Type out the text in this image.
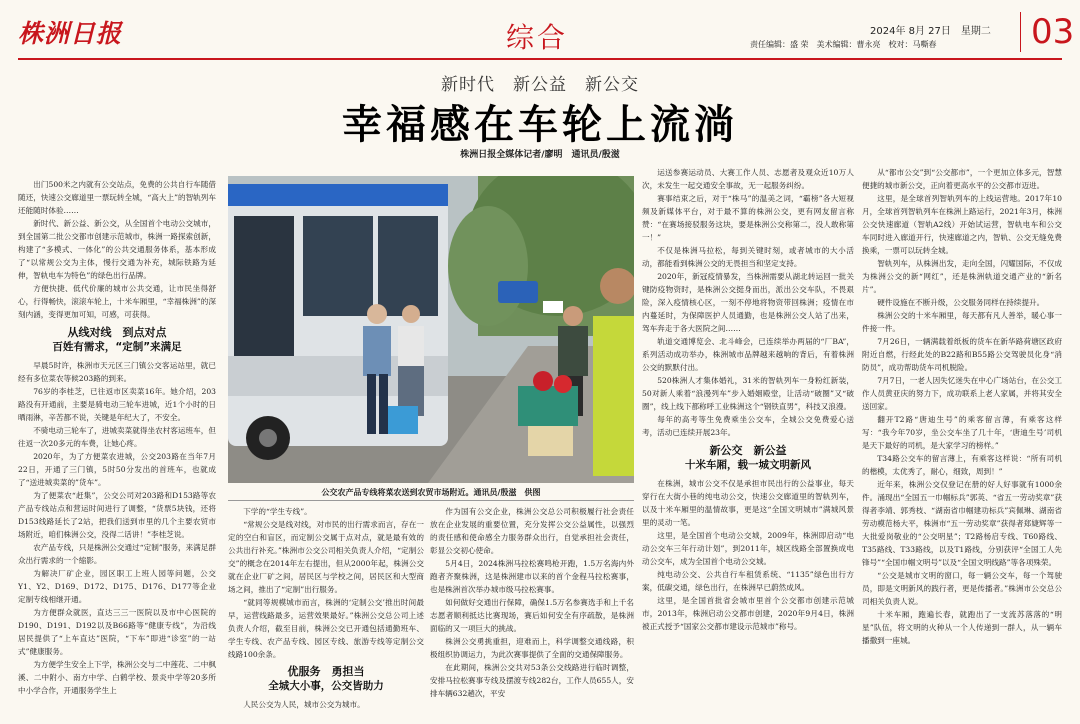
株洲日报	综合	2024年 8月 27日　星期二
责任编辑：盛 荣　美术编辑：曹永亮　校对：马嘶春	03
新时代　新公益　新公交
幸福感在车轮上流淌
株洲日报全媒体记者/廖明　通讯员/殷滋

出门500米之内就有公交站点，免费的公共自行车随借随还，快速公交廊道里一票玩转全城，“高大上”的智轨列车还能随时体验……

新时代、新公益、新公交，从全国首个电动公交城市，到全国第二批公交都市创建示范城市，株洲一路探索创新，构建了“多模式、一体化”的公共交通服务体系，基本形成了“以常规公交为主体，慢行交通为补充，城际铁路为延伸，智轨电车为特色”的绿色出行品牌。

方便快捷、低代价廉的城市公共交通，让市民坐得舒心，行得畅快，滚滚车轮上，十米车厢里，“幸福株洲”的深刻内涵，变得更加可知，可感，可获得。

从线对线　到点对点

百姓有需求，“定制”来满足

早晨5时许，株洲市天元区三门镇公交客运站里，就已经有多位菜农等候203路的到来。

76岁的李桂芝，已往返市区卖菜16年。她介绍，203路没有开通前，主要是骑电动三轮车进城，近1个小时的日晒雨淋，辛苦都不说，关键是年纪大了，不安全。

不骑电动三轮车了，进城卖菜就得坐农村客运班车，但往返一次20多元的车费，让她心疼。

2020年，为了方便菜农进城，公交203路在当年7月22日，开通了三门镇，5时50分发出的首班车，也就成了“送进城卖菜的”货车”。

为了便菜农“赶集”，公交公司对203路和D153路等农产品专线站点和营运时间进行了调整，“货票5块钱，还将D153线路延长了2站，把我们送到市里的几个主要农贸市场附近，咱们株洲公交，没得二话讲！”李桂芝说。

农产品专线，只是株洲公交通过“定制”服务，来满足群众出行需求的一个缩影。

为解决厂矿企业，园区职工上班人园等问题，公交Y1、Y2、D169、D172、D175、D176、D177等企业定制专线相继开通。

为方便群众就医，直达三三一医院以及市中心医院的D190、D191、D192以及B66路等“健康专线”，为沿线居民提供了“上车直达”医院，“下车”即进“诊室”的一站式”健康服务。

为方便学生安全上下学，株洲公交与二中莲花、二中枫溪、二中附小、南方中学、白鹤学校、景炎中学等20多所中小学合作，开通服务学生上

公交农产品专线将菜农送到农贸市场附近。通讯员/殷滋　供图

下学的“学生专线”。

“常规公交是线对线，对市民的出行需求而言，存在一定的空白和盲区，而定制公交属于点对点，就是最有效的公共出行补充。”株洲市公交公司相关负责人介绍，“定制公交”的概念在2014年左右提出，但从2000年起，株洲公交就在企业厂矿之间，居民区与学校之间，居民区和大型商场之间，推出了“定制”出行服务。

“就同等规模城市而言，株洲的‘定制公交’推出时间最早，运营线路最多，运营效果最好。”株洲公交总公司上述负责人介绍，截至目前，株洲公交已开通包括通勤班车、学生专线、农产品专线、园区专线、旅游专线等定制公交线路100余条。

优服务　勇担当

全城大小事，公交皆助力

人民公交为人民，城市公交为城市。

作为国有公交企业，株洲公交总公司积极履行社会责任放在企业发展的重要位置，充分发挥公交公益属性，以强烈的责任感和使命感全力服务群众出行，自觉承担社会责任，彰显公交初心使命。

5月4日，2024株洲马拉松赛鸣枪开跑，1.5万名海内外跑者齐聚株洲，这是株洲建市以来的首个金程马拉松赛事，也是株洲首次举办城市级马拉松赛事。

如何做好交通出行保障，确保1.5万名参赛选手和上千名志愿者顺利抵达比赛现场，赛后如何安全有序疏散，是株洲面临的又一项巨大的挑战。

株洲公交勇挑重担，迎难而上，科学调整交通线路，积极组织协调运力，为此次赛事提供了全面的交通保障服务。

在此期间，株洲公交共对53条公交线路进行临时调整，安排马拉松赛事专线及摆渡专线282台，工作人员655人，安排车辆632趟次，平安

运送参赛运动员、大赛工作人员、志愿者及观众近10万人次，未发生一起交通安全事故，无一起服务纠纷。

赛事结束之后，对于“株马”的温美之词，“霸榜”各大短视频及新媒体平台，对于最不算的株洲公交，更有网友留言称赞：“在赛场接驳服务这块，要是株洲公交称第二，没人敢称第一！”

不仅是株洲马拉松，每到关键时刻，或者城市的大小活动，都能看到株洲公交的无畏担当和坚定支持。

2020年，新冠疫情暴发，当株洲需要从湖北转运回一批关键防疫物资时，是株洲公交挺身而出，派出公交车队，不畏艰险，深入疫情核心区，一刻不停地将物资带回株洲；疫情在市内蔓延时，为保障医护人员通勤，也是株洲公交人站了出来，驾车奔走于各大医院之间……

轨道交通博览会、北斗峰会，已连续举办两届的“厂BA”，系列活动成功举办，株洲城市品牌越来越响的背后，有着株洲公交的默默付出。

520株洲人才集体婚礼，31米的智轨列车一身粉红新装，50对新人乘着“浪漫列车”步入婚姻殿堂，让活动“破圈”又“破圈”，线上线下都称呼工业株洲这个“钢铁直男”，科技又浪漫。

每年的高考等生免费乘坐公交车，全城公交免费爱心送考，活动已连续开展23年。

新公交　新公益

十米车厢，载一城文明新风

在株洲，城市公交不仅是承担市民出行的公益事业，每天穿行在大街小巷的纯电动公交，快速公交廊道里的智轨列车，以及十米车厢里的温情故事，更是这“全国文明城市”满城风景里的灵动一笔。

这里，是全国首个电动公交城，2009年，株洲即启动“电动公交车三年行动计划”，到2011年，城区线路全部置换成电动公交车，成为全国首个电动公交城。

纯电动公交、公共自行车租赁系统、“1135”绿色出行方案，低碳交通，绿色出行，在株洲早已蔚然成风。

这里，是全国首批省会城市里首个公交都市创建示范城市，2013年，株洲启动公交都市创建，2020年9月4日，株洲被正式授予“国家公交都市建设示范城市”称号。

从“都市公交”到“公交都市”，一个更加立体多元，智慧便捷的城市新公交，正向着更高水平的公交都市迈进。

这里，是全球首列智轨列车的上线运营地。2017年10月，全球首列智轨列车在株洲上路运行，2021年3月，株洲公交快速廊道（智轨A2线）开始试运营，智轨电车和公交车同时进入廊道开行，快速廊道之内，智轨、公交无缝免费换乘，一票可以玩转全城。

智轨列车，从株洲出发，走向全国，闪耀国际，不仅成为株洲公交的新“网红”，还是株洲轨道交通产业的“新名片”。

硬件设施在不断升级，公交服务同样在持续提升。

株洲公交的十米车厢里，每天都有凡人善举，暖心事一件接一件。

7月26日，一辆满载着纸板的货车在新华路荷塘区政府附近自燃，行经此处的B22路和B55路公交驾驶员化身“消防员”，成功帮助货车司机脱险。

7月7日，一老人因失忆迷失在中心广场站台，在公交工作人员黄亚庆的努力下，成功联系上老人家属，并将其安全送回家。

翻开T2路“唐迪生号”的乘客留言薄，有乘客这样写：“我今年70岁，坐公交车坐了几十年，‘唐迪生号’司机是天下最好的司机，是大家学习的榜样。”

T34路公交车的留言薄上，有乘客这样说：“所有司机的楷模，太优秀了，耐心，细致，周到！”

近年来，株洲公交仅登记在册的好人好事就有1000余件。涌现出“全国五一巾帼标兵”郭英、“省五一劳动奖章”获得者李靖、郭秀枝、“湖南省巾帼建功标兵”宾佩琳、湖南省劳动模范杨大平，株洲市“五一劳动奖章”获得者郑婕辉等一大批爱岗敬业的“公交明星”；T2路杨启专线、T60路线、T35路线、T33路线，以及T1路线，分别获评“全国工人先锋号”“全国巾帼文明号”以及“全国文明线路”等各项殊荣。

“公交是城市文明的窗口，每一辆公交车，每一个驾驶员，即是文明新风的践行者，更是传播者。”株洲市公交总公司相关负责人说。

十米车厢，跑遍长春，就跑出了一支流苏落落的“明星”队伍，将文明的火种从一个人传递到一群人，从一辆车播撒到一座城。
